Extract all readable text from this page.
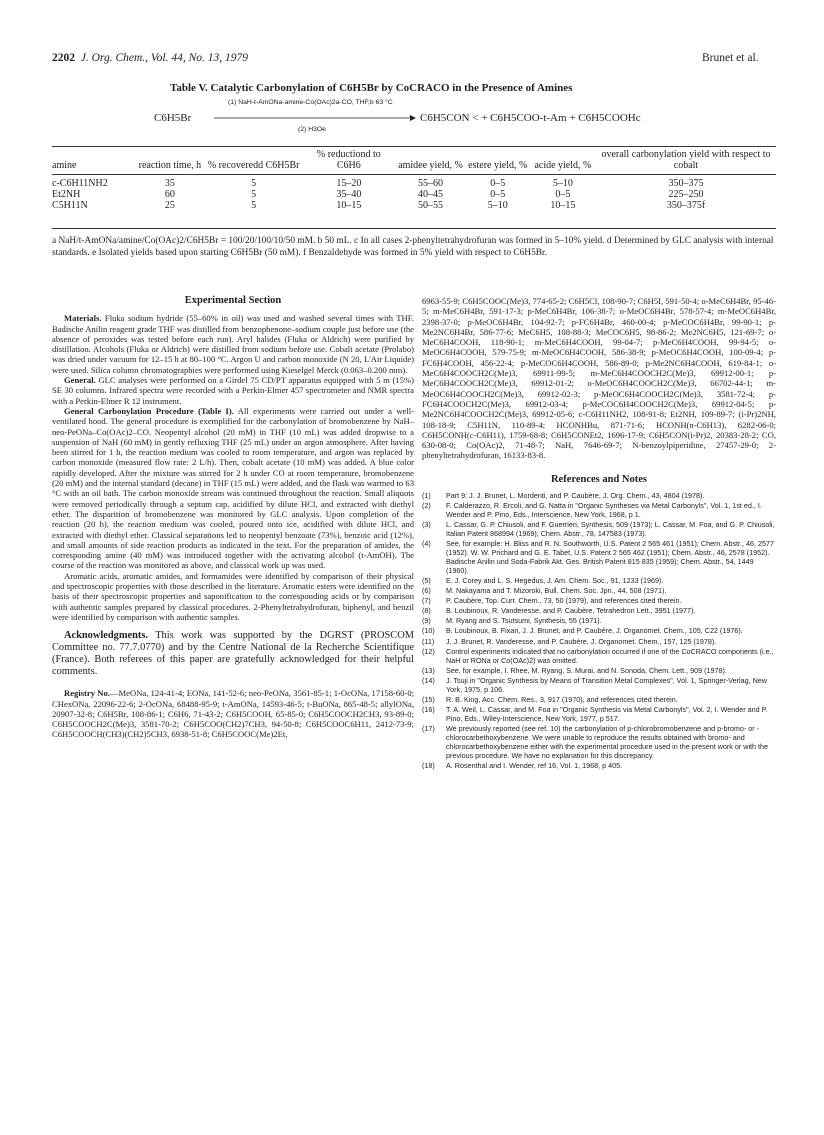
2202 J. Org. Chem., Vol. 44, No. 13, 1979	Brunet et al.
Table V. Catalytic Carbonylation of C6H5Br by CoCRACO in the Presence of Amines
C6H5Br
(1) NaH-t-AmONa-amine-Co(OAc)2a-CO, THF,b 63 °C
(2) H3Oe
C6H5CON < + C6H5COO-t-Am + C6H5COOHc
amine	reaction time, h	% recoveredd C6H5Br	% reductiond to C6H6	amidee yield, %	estere yield, %	acide yield, %	overall carbonylation yield with respect to cobalt
c-C6H11NH2	35	5	15–20	55–60	0–5	5–10	350–375
Et2NH	60	5	35–40	40–45	0–5	0–5	225–250
C5H11N	25	5	10–15	50–55	5–10	10–15	350–375f
a NaH/t-AmONa/amine/Co(OAc)2/C6H5Br = 100/20/100/10/50 mM. b 50 mL. c In all cases 2-phenyltetrahydrofuran was formed in 5–10% yield. d Determined by GLC analysis with internal standards. e Isolated yields based upon starting C6H5Br (50 mM). f Benzaldehyde was formed in 5% yield with respect to C6H5Br.
Experimental Section

Materials. Fluka sodium hydride (55–60% in oil) was used and washed several times with THF. Badische Anilin reagent grade THF was distilled from benzophenone–sodium couple just before use (the absence of peroxides was tested before each run). Aryl halides (Fluka or Aldrich) were purified by distillation. Alcohols (Fluka or Aldrich) were distilled from sodium before use. Cobalt acetate (Prolabo) was dried under vacuum for 12–15 h at 80–100 °C. Argon U and carbon monoxide (N 20, L'Air Liquide) were used. Silica column chromatographies were performed using Kieselgel Merck (0.063–0.200 mm).

General. GLC analyses were performed on a Girdel 75 CD/PT apparatus equipped with 5 m (15%) SE 30 columns. Infrared spectra were recorded with a Perkin-Elmer 457 spectrometer and NMR spectra with a Perkin-Elmer R 12 instrument.

General Carbonylation Procedure (Table I). All experiments were carried out under a well-ventilated hood. The general procedure is exemplified for the carbonylation of bromobenzene by NaH–neo-PeONa–Co(OAc)2–CO. Neopentyl alcohol (20 mM) in THF (10 mL) was added dropwise to a suspension of NaH (60 mM) in gently refluxing THF (25 mL) under an argon atmosphere. After having been stirred for 1 h, the reaction medium was cooled to room temperature, and argon was replaced by carbon monoxide (measured flow rate: 2 L/h). Then, cobalt acetate (10 mM) was added. A blue color rapidly developed. After the mixture was stirred for 2 h under CO at room temperature, bromobenzene (20 mM) and the internal standard (decane) in THF (15 mL) were added, and the flask was warmed to 63 °C with an oil bath. The carbon monoxide stream was continued throughout the reaction. Small aliquots were removed periodically through a septum cap, acidified by dilute HCl, and extracted with diethyl ether. The disparition of bromobenzene was monitored by GLC analysis. Upon completion of the reaction (20 h), the reaction medium was cooled, poured onto ice, acidified with dilute HCl, and extracted with diethyl ether. Classical separations led to neopentyl benzoate (73%), benzoic acid (12%), and small amounts of side reaction products as indicated in the text. For the preparation of amides, the corresponding amine (40 mM) was introduced together with the activating alcohol (t-AmOH). The course of the reaction was monitored as above, and classical work up was used.

Aromatic acids, aromatic amides, and formamides were identified by comparison of their physical and spectroscopic properties with those described in the literature. Aromatic esters were identified on the basis of their spectroscopic properties and saponification to the corresponding acids or by comparison with authentic samples prepared by classical procedures. 2-Phenyltetrahydrofuran, biphenyl, and benzil were identified by comparison with authentic samples.

Acknowledgments. This work was supported by the DGRST (PROSCOM Committee no. 77.7.0770) and by the Centre National de la Recherche Scientifique (France). Both referees of this paper are gratefully acknowledged for their helpful comments.

Registry No.—MeONa, 124-41-4; EONa, 141-52-6; neo-PeONa, 3561-85-1; 1-OcONa, 17158-60-0; CHexONa, 22096-22-6; 2-OcONa, 68488-95-9; t-AmONa, 14593-46-5; t-BuONa, 865-48-5; allylONa, 20907-32-8; C6H5Br, 108-86-1; C6H6, 71-43-2; C6H5COOH, 65-85-0; C6H5COOCH2CH3, 93-89-0; C6H5COOCH2C(Me)3, 3581-70-2; C6H5COO(CH2)7CH3, 94-50-8; C6H5COOC6H11, 2412-73-9; C6H5COOCH(CH3)(CH2)5CH3, 6938-51-8; C6H5COOC(Me)2Et,

6963-55-9; C6H5COOC(Me)3, 774-65-2; C6H5Cl, 108-90-7; C6H5I, 591-50-4; o-MeC6H4Br, 95-46-5; m-MeC6H4Br, 591-17-3; p-MeC6H4Br, 106-38-7; o-MeOC6H4Br, 578-57-4; m-MeOC6H4Br, 2398-37-0; p-MeOC6H4Br, 104-92-7; p-FC6H4Br, 460-00-4; p-MeCOC6H4Br, 99-90-1; p-Me2NC6H4Br, 586-77-6; MeC6H5, 108-88-3; MeCOC6H5, 98-86-2; Me2NC6H5, 121-69-7; o-MeC6H4COOH, 118-90-1; m-MeC6H4COOH, 99-04-7; p-MeC6H4COOH, 99-94-5; o-MeOC6H4COOH, 579-75-9; m-MeOC6H4COOH, 586-38-9; p-MeOC6H4COOH, 100-09-4; p-FC6H4COOH, 456-22-4; p-MeCOC6H4COOH, 586-89-0; p-Me2NC6H4COOH, 619-84-1; o-MeC6H4COOCH2C(Me)3, 69911-99-5; m-MeC6H4COOCH2C(Me)3, 69912-00-1; p-MeC6H4COOCH2C(Me)3, 69912-01-2; o-MeOC6H4COOCH2C(Me)3, 66702-44-1; m-MeOC6H4COOCH2C(Me)3, 69912-02-3; p-MeOC6H4COOCH2C(Me)3, 3581-72-4; p-FC6H4COOCH2C(Me)3, 69912-03-4; p-MeCOC6H4COOCH2C(Me)3, 69912-04-5; p-Me2NC6H4COOCH2C(Me)3, 69912-05-6; c-C6H11NH2, 108-91-8; Et2NH, 109-89-7; (i-Pr)2NH, 108-18-9; C5H11N, 110-89-4; HCONHBu, 871-71-6; HCONH(n-C6H13), 6282-06-0; C6H5CONH(c-C6H11), 1759-68-8; C6H5CONEt2, 1696-17-9; C6H5CON(i-Pr)2, 20383-28-2; CO, 630-08-0; Co(OAc)2, 71-48-7; NaH, 7646-69-7; N-benzoylpiperidine, 27457-29-0; 2-phenyltetrahydrofuran, 16133-83-8.

References and Notes
(1) Part 9: J. J. Brunet, L. Mordenti, and P. Caubère, J. Org. Chem., 43, 4804 (1978).
(2) F. Calderazzo, R. Ercoli, and G. Natta in "Organic Syntheses via Metal Carbonyls", Vol. 1, 1st ed., I. Wender and P. Pino, Eds., Interscience, New York, 1968, p 1.
(3) L. Cassar, G. P. Chiusoli, and F. Guerrieri, Synthesis, 509 (1973); L. Cassar, M. Foa, and G. P. Chiusoli, Italian Patent 868994 (1969); Chem. Abstr., 78, 147583 (1973).
(4) See, for example: H. Bliss and R. N. Southworth, U.S. Patent 2 565 461 (1951); Chem. Abstr., 46, 2577 (1952). W. W. Prichard and G. E. Tabet, U.S. Patent 2 565 462 (1951); Chem. Abstr., 46, 2578 (1952). Badische Anilin und Soda-Fabrik Akt. Ges. British Patent 815 835 (1959); Chem. Abstr., 54, 1449 (1960).
(5) E. J. Corey and L. S. Hegedus, J. Am. Chem. Soc., 91, 1233 (1969).
(6) M. Nakayama and T. Mizoroki, Bull. Chem. Soc. Jpn., 44, 508 (1971).
(7) P. Caubère, Top. Curr. Chem., 73, 50 (1979), and references cited therein.
(8) B. Loubinoux, R. Vanderesse, and P. Caubère, Tetrahedron Lett., 3951 (1977).
(9) M. Ryang and S. Tsutsumi, Synthesis, 55 (1971).
(10) B. Loubinoux, B. Fixari, J. J. Brunet, and P. Caubère, J. Organomet. Chem., 105, C22 (1976).
(11) J. J. Brunet, R. Vanderesse, and P. Caubère, J. Organomet. Chem., 157, 125 (1978).
(12) Control experiments indicated that no carbonylation occurred if one of the CoCRACO components (i.e., NaH or RONa or Co(OAc)2) was omitted.
(13) See, for example, I. Rhee, M. Ryang, S. Murai, and N. Sonoda, Chem. Lett., 909 (1978).
(14) J. Tsuji in "Organic Synthesis by Means of Transition Metal Complexes", Vol. 1, Springer-Verlag, New York, 1975, p 106.
(15) R. B. King, Acc. Chem. Res., 3, 917 (1970), and references cited therein.
(16) T. A. Weil, L. Cassar, and M. Foa in "Organic Synthesis via Metal Carbonyls", Vol. 2, I. Wender and P. Pino, Eds., Wiley-Interscience, New York, 1977, p 517.
(17) We previously reported (see ref. 10) the carbonylation of p-chlorobromobenzene and p-bromo- or -chlorocarbethoxybenzene. We were unable to reproduce the results obtained with bromo- and chlorocarbethoxybenzene either with the experimental procedure used in the present work or with the previous procedure. We have no explanation for this discrepancy.
(18) A. Rosenthal and I. Wender, ref 16, Vol. 1, 1968, p 405.
